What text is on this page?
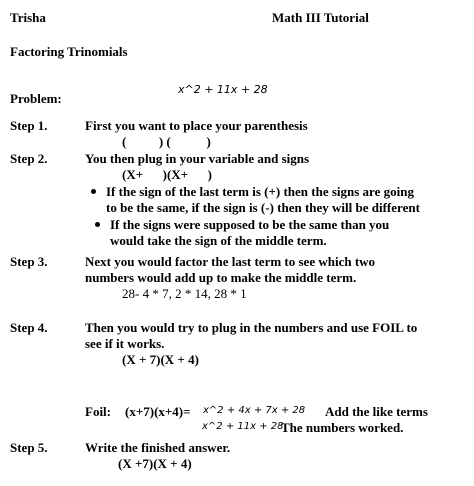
Trisha	Math III Tutorial
Factoring Trinomials
Problem:
x^2 + 11x + 28
Step 1.	First you want to place your parenthesis
(          ) (           )
Step 2.	You then plug in your variable and signs
(X+      )(X+      )
If the sign of the last term is (+) then the signs are going
to be the same, if the sign is (-) then they will be different
If the signs were supposed to be the same than you
would take the sign of the middle term.
Step 3.	Next you would factor the last term to see which two
numbers would add up to make the middle term.
28- 4 * 7, 2 * 14, 28 * 1
Step 4.	Then you would try to plug in the numbers and use FOIL to
see if it works.
(X + 7)(X + 4)
Foil: (x+7)(x+4)= x^2 + 4x + 7x + 28 Add the like terms
x^2 + 11x + 28
The numbers worked.
Step 5.	Write the finished answer.
(X +7)(X + 4)
